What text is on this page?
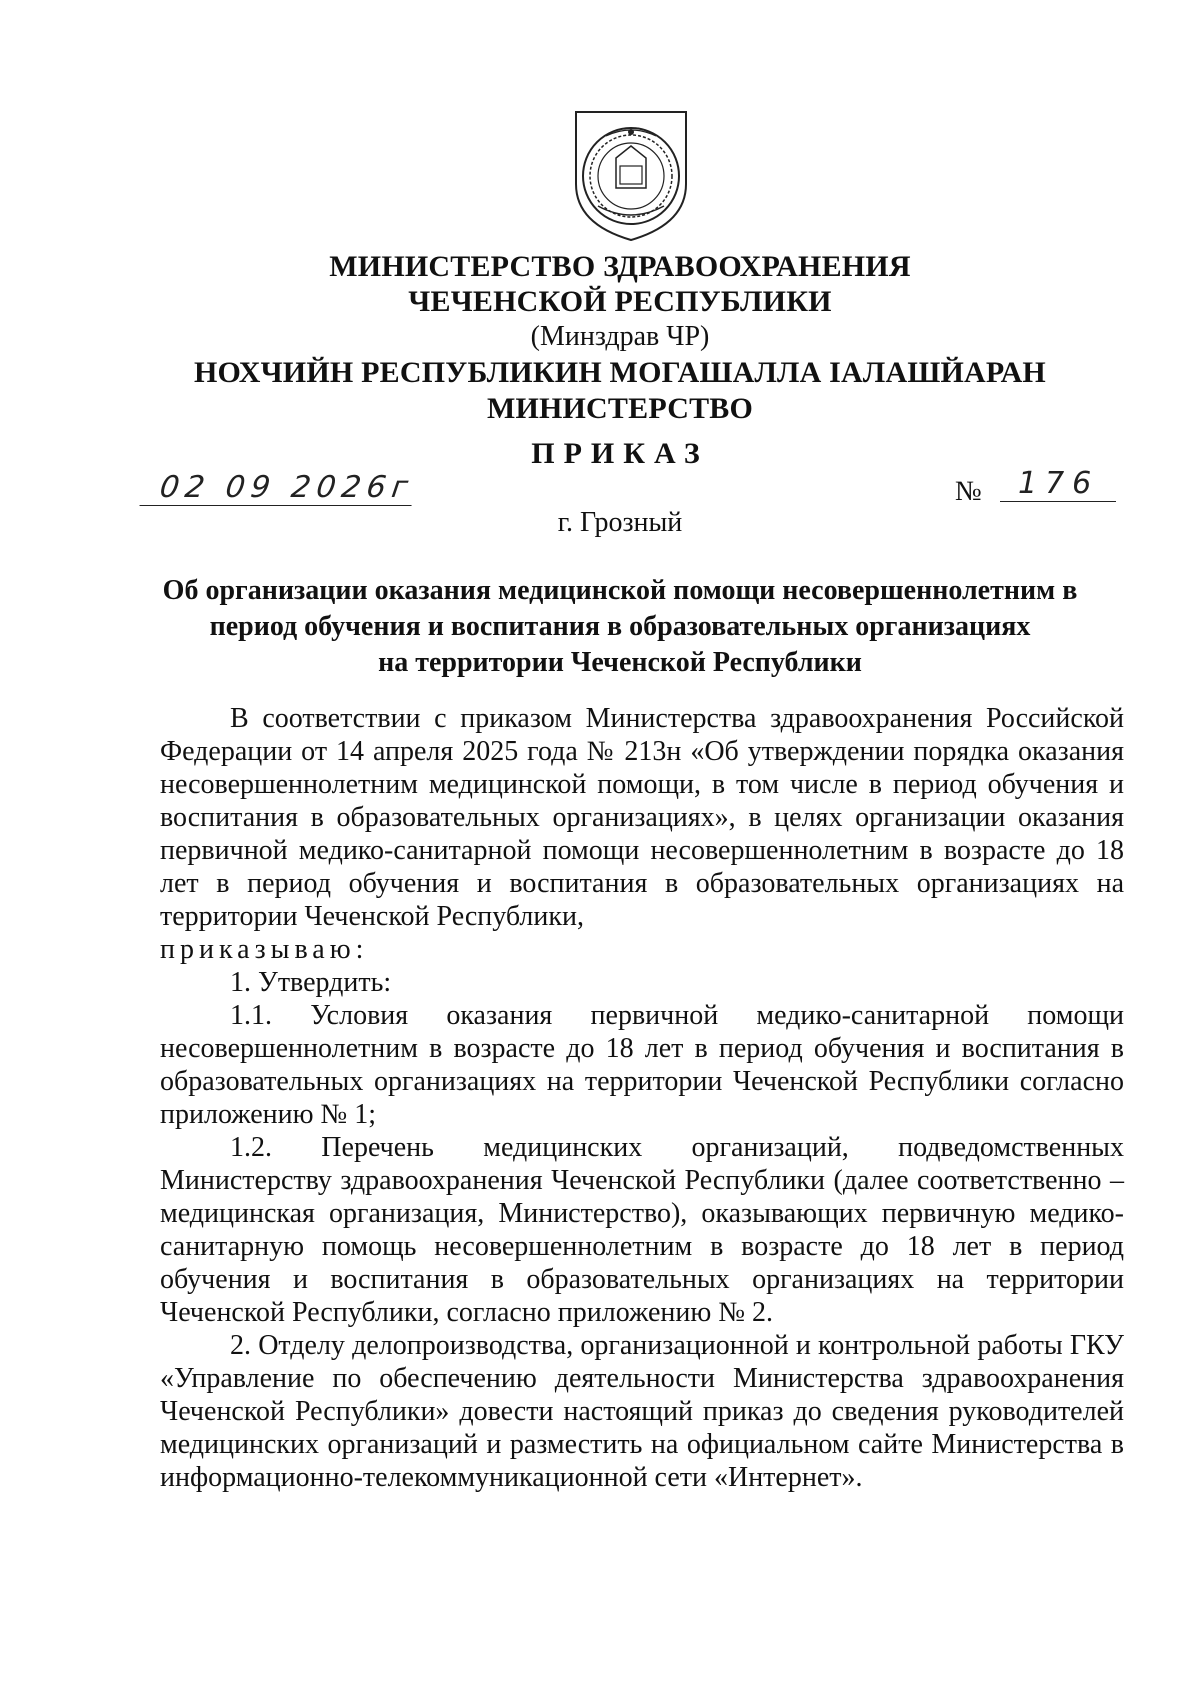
МИНИСТЕРСТВО ЗДРАВООХРАНЕНИЯ
ЧЕЧЕНСКОЙ РЕСПУБЛИКИ
(Минздрав ЧР)
НОХЧИЙН РЕСПУБЛИКИН МОГАШАЛЛА IАЛАШЙАРАН
МИНИСТЕРСТВО
ПРИКАЗ
02 09 2026г	№	176
г. Грозный
Об организации оказания медицинской помощи несовершеннолетним в
период обучения и воспитания в образовательных организациях
на территории Чеченской Республики

В соответствии с приказом Министерства здравоохранения Российской Федерации от 14 апреля 2025 года № 213н «Об утверждении порядка оказания несовершеннолетним медицинской помощи, в том числе в период обучения и воспитания в образовательных организациях», в целях организации оказания первичной медико-санитарной помощи несовершеннолетним в возрасте до 18 лет в период обучения и воспитания в образовательных организациях на территории Чеченской Республики,

приказываю:

1. Утвердить:

1.1. Условия оказания первичной медико-санитарной помощи несовершеннолетним в возрасте до 18 лет в период обучения и воспитания в образовательных организациях на территории Чеченской Республики согласно приложению № 1;

1.2. Перечень медицинских организаций, подведомственных Министерству здравоохранения Чеченской Республики (далее соответственно – медицинская организация, Министерство), оказывающих первичную медико-санитарную помощь несовершеннолетним в возрасте до 18 лет в период обучения и воспитания в образовательных организациях на территории Чеченской Республики, согласно приложению № 2.

2. Отделу делопроизводства, организационной и контрольной работы ГКУ «Управление по обеспечению деятельности Министерства здравоохранения Чеченской Республики» довести настоящий приказ до сведения руководителей медицинских организаций и разместить на официальном сайте Министерства в информационно-телекоммуникационной сети «Интернет».
